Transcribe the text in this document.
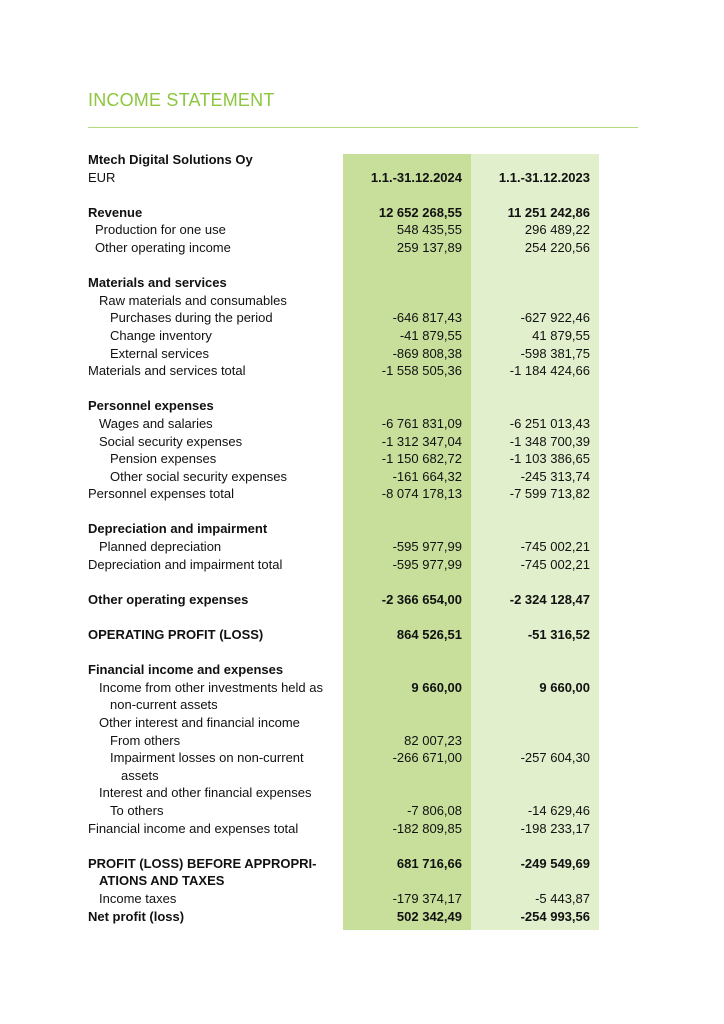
INCOME STATEMENT
Mtech Digital Solutions Oy
EUR	1.1.-31.12.2024	1.1.-31.12.2023
Revenue	12 652 268,55	11 251 242,86
Production for one use	548 435,55	296 489,22
Other operating income	259 137,89	254 220,56
Materials and services
Raw materials and consumables
Purchases during the period	-646 817,43	-627 922,46
Change inventory	-41 879,55	41 879,55
External services	-869 808,38	-598 381,75
Materials and services total	-1 558 505,36	-1 184 424,66
Personnel expenses
Wages and salaries	-6 761 831,09	-6 251 013,43
Social security expenses	-1 312 347,04	-1 348 700,39
Pension expenses	-1 150 682,72	-1 103 386,65
Other social security expenses	-161 664,32	-245 313,74
Personnel expenses total	-8 074 178,13	-7 599 713,82
Depreciation and impairment
Planned depreciation	-595 977,99	-745 002,21
Depreciation and impairment total	-595 977,99	-745 002,21
Other operating expenses	-2 366 654,00	-2 324 128,47
OPERATING PROFIT (LOSS)	864 526,51	-51 316,52
Financial income and expenses
Income from other investments held as	9 660,00	9 660,00
non-current assets
Other interest and financial income
From others	82 007,23
Impairment losses on non-current	-266 671,00	-257 604,30
assets
Interest and other financial expenses
To others	-7 806,08	-14 629,46
Financial income and expenses total	-182 809,85	-198 233,17
PROFIT (LOSS) BEFORE APPROPRI-	681 716,66	-249 549,69
ATIONS AND TAXES
Income taxes	-179 374,17	-5 443,87
Net profit (loss)	502 342,49	-254 993,56
